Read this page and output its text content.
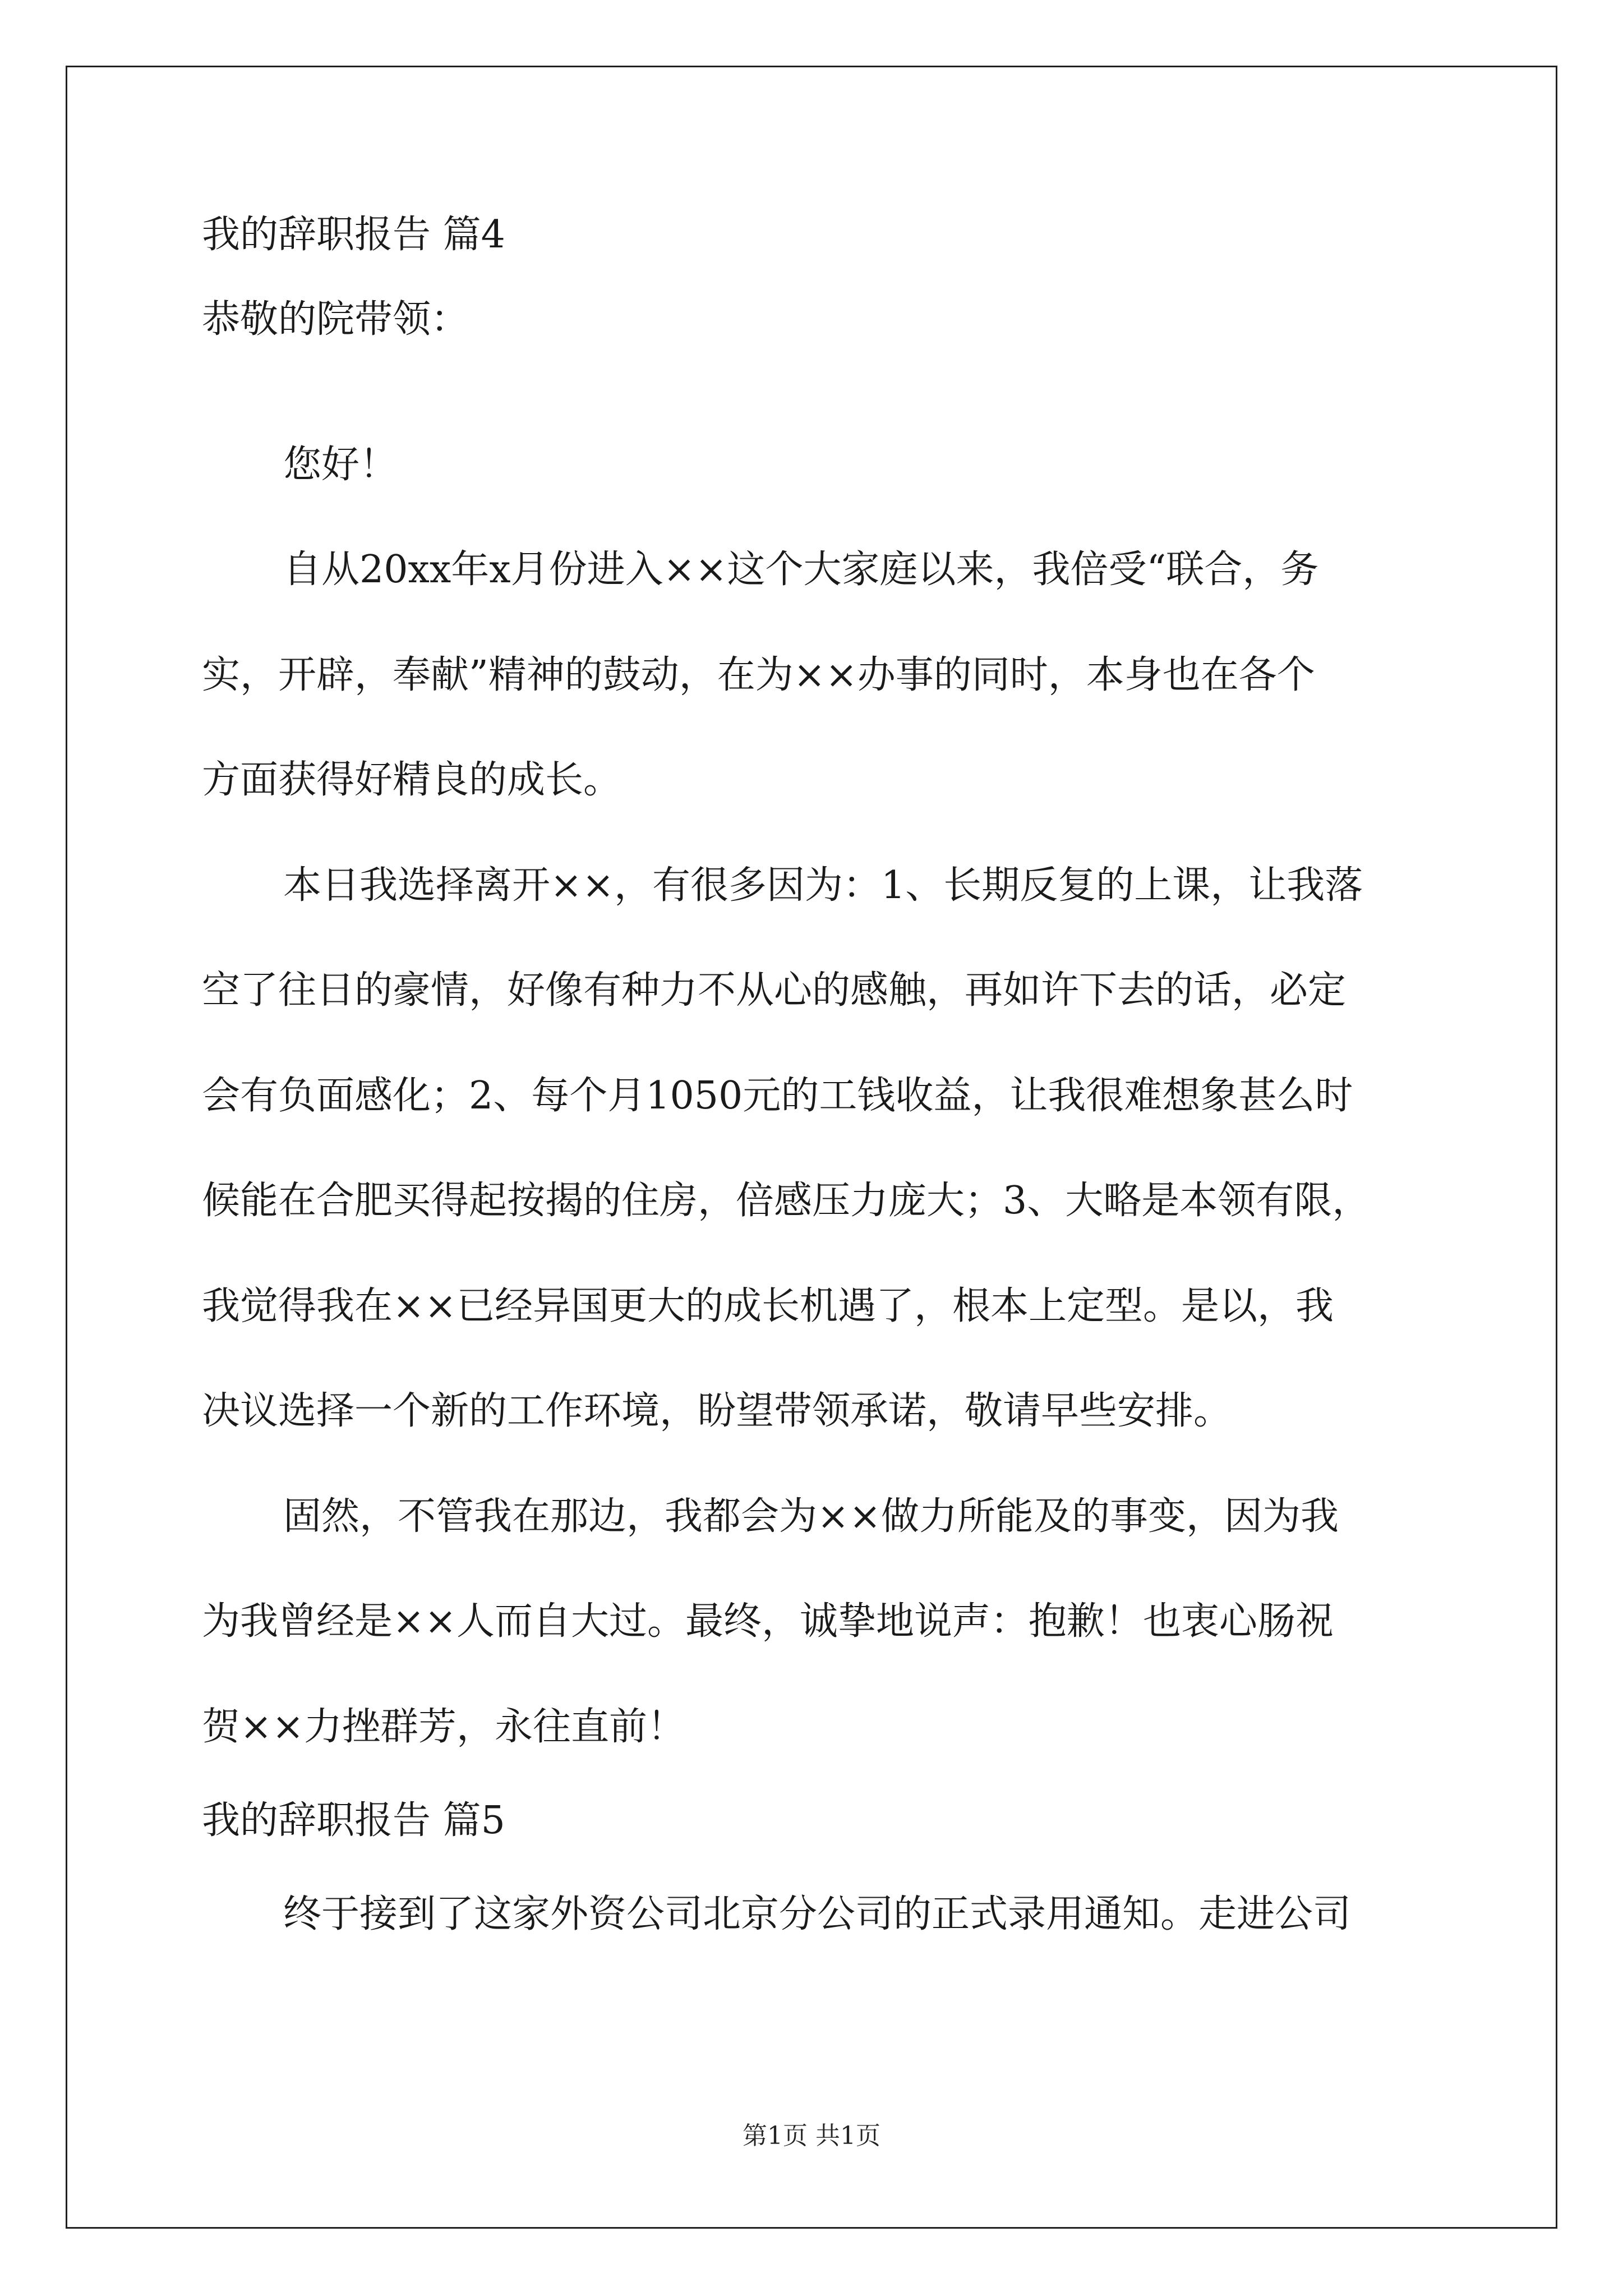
我的辞职报告 篇4
恭敬的院带领：
您好！
自从20xx年x月份进入××这个大家庭以来，我倍受“联合，务
实，开辟，奉献”精神的鼓动，在为××办事的同时，本身也在各个
方面获得好精良的成长。
本日我选择离开××，有很多因为：1、长期反复的上课，让我落
空了往日的豪情，好像有种力不从心的感触，再如许下去的话，必定
会有负面感化；2、每个月1050元的工钱收益，让我很难想象甚么时
候能在合肥买得起按揭的住房，倍感压力庞大；3、大略是本领有限，
我觉得我在××已经异国更大的成长机遇了，根本上定型。是以，我
决议选择一个新的工作环境，盼望带领承诺，敬请早些安排。
固然，不管我在那边，我都会为××做力所能及的事变，因为我
为我曾经是××人而自大过。最终，诚挚地说声：抱歉！也衷心肠祝
贺××力挫群芳，永往直前！
我的辞职报告 篇5
终于接到了这家外资公司北京分公司的正式录用通知。走进公司
第1页 共1页
